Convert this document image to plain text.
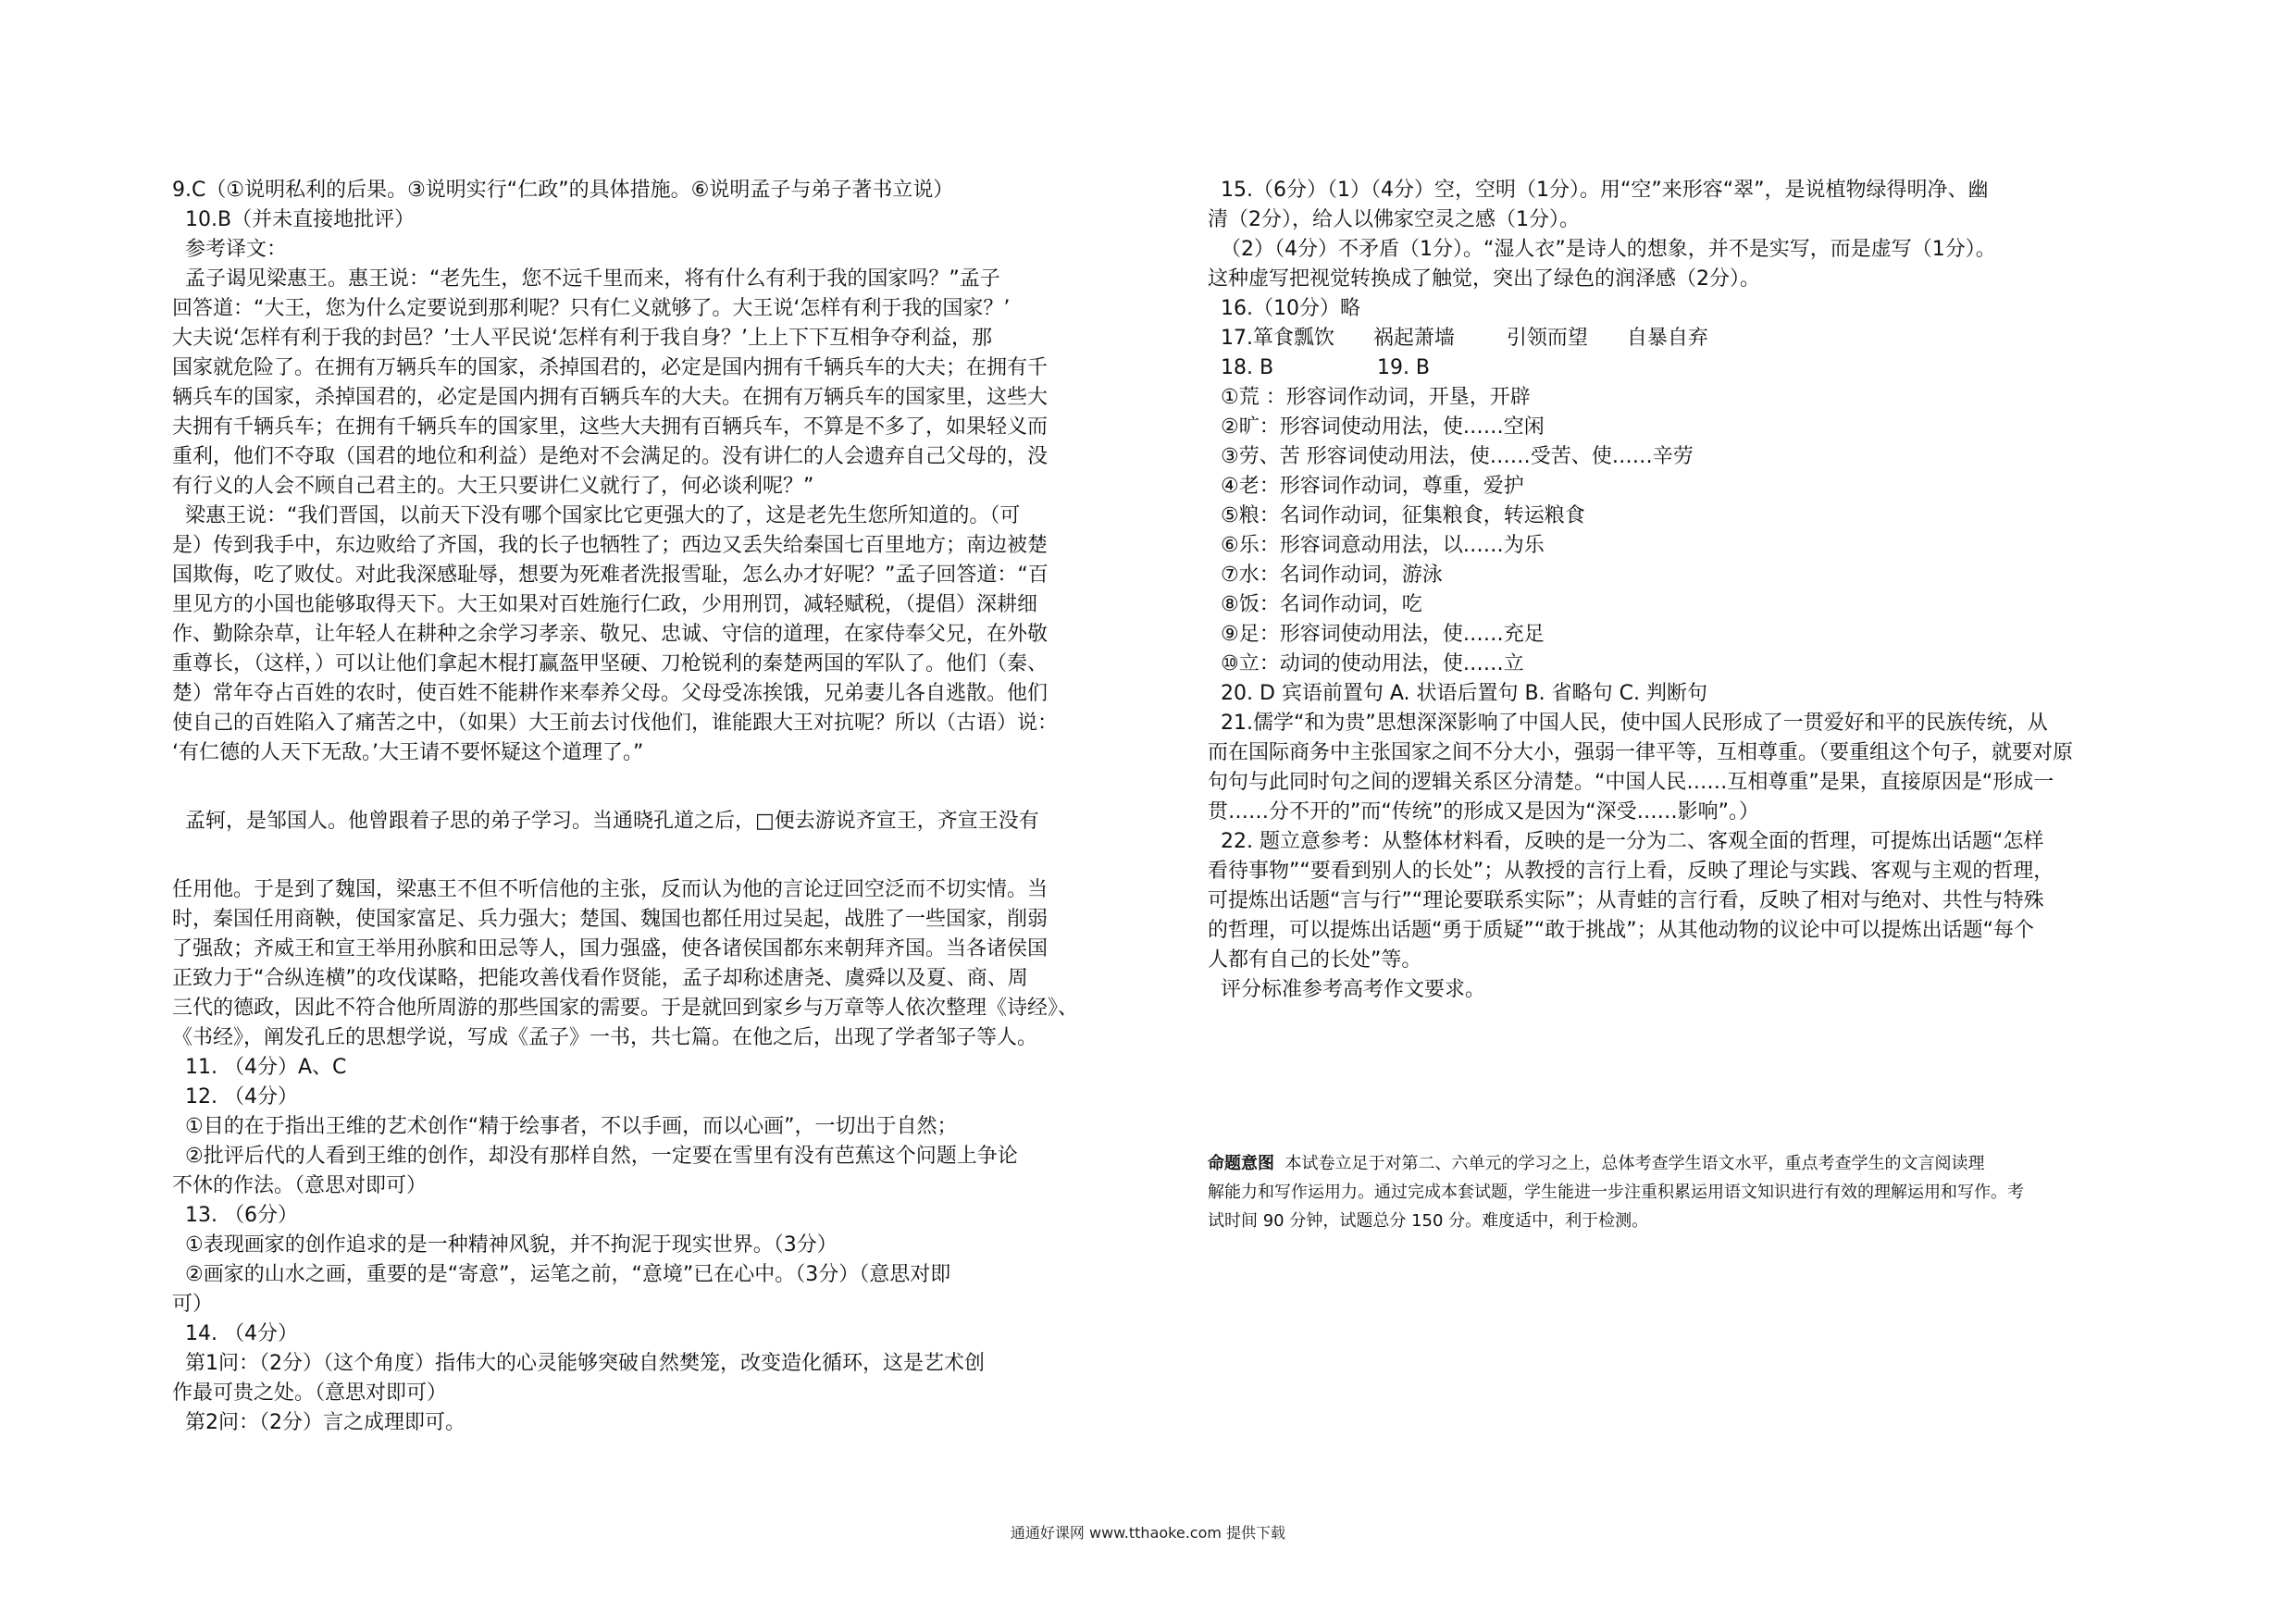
9.C（①说明私利的后果。③说明实行“仁政”的具体措施。⑥说明孟子与弟子著书立说）
10.B（并未直接地批评）
参考译文：
孟子谒见梁惠王。惠王说：“老先生，您不远千里而来，将有什么有利于我的国家吗？”孟子
回答道：“大王，您为什么定要说到那利呢？只有仁义就够了。大王说‘怎样有利于我的国家？’
大夫说‘怎样有利于我的封邑？’士人平民说‘怎样有利于我自身？’上上下下互相争夺利益，那
国家就危险了。在拥有万辆兵车的国家，杀掉国君的，必定是国内拥有千辆兵车的大夫；在拥有千
辆兵车的国家，杀掉国君的，必定是国内拥有百辆兵车的大夫。在拥有万辆兵车的国家里，这些大
夫拥有千辆兵车；在拥有千辆兵车的国家里，这些大夫拥有百辆兵车，不算是不多了，如果轻义而
重利，他们不夺取（国君的地位和利益）是绝对不会满足的。没有讲仁的人会遗弃自己父母的，没
有行义的人会不顾自己君主的。大王只要讲仁义就行了，何必谈利呢？”
梁惠王说：“我们晋国，以前天下没有哪个国家比它更强大的了，这是老先生您所知道的。（可
是）传到我手中，东边败给了齐国，我的长子也牺牲了；西边又丢失给秦国七百里地方；南边被楚
国欺侮，吃了败仗。对此我深感耻辱，想要为死难者洗报雪耻，怎么办才好呢？”孟子回答道：“百
里见方的小国也能够取得天下。大王如果对百姓施行仁政，少用刑罚，减轻赋税，（提倡）深耕细
作、勤除杂草，让年轻人在耕种之余学习孝亲、敬兄、忠诚、守信的道理，在家侍奉父兄，在外敬
重尊长，（这样，）可以让他们拿起木棍打赢盔甲坚硬、刀枪锐利的秦楚两国的军队了。他们（秦、
楚）常年夺占百姓的农时，使百姓不能耕作来奉养父母。父母受冻挨饿，兄弟妻儿各自逃散。他们
使自己的百姓陷入了痛苦之中，（如果）大王前去讨伐他们，谁能跟大王对抗呢？所以（古语）说：
‘有仁德的人天下无敌。’大王请不要怀疑这个道理了。”
孟轲，是邹国人。他曾跟着子思的弟子学习。当通晓孔道之后，□便去游说齐宣王，齐宣王没有
任用他。于是到了魏国，梁惠王不但不听信他的主张，反而认为他的言论迂回空泛而不切实情。当
时，秦国任用商鞅，使国家富足、兵力强大；楚国、魏国也都任用过吴起，战胜了一些国家，削弱
了强敌；齐威王和宣王举用孙膑和田忌等人，国力强盛，使各诸侯国都东来朝拜齐国。当各诸侯国
正致力于“合纵连横”的攻伐谋略，把能攻善伐看作贤能，孟子却称述唐尧、虞舜以及夏、商、周
三代的德政，因此不符合他所周游的那些国家的需要。于是就回到家乡与万章等人依次整理《诗经》、
《书经》，阐发孔丘的思想学说，写成《孟子》一书，共七篇。在他之后，出现了学者邹子等人。
11. （4分）A、C
12. （4分）
①目的在于指出王维的艺术创作“精于绘事者，不以手画，而以心画”，一切出于自然；
②批评后代的人看到王维的创作，却没有那样自然，一定要在雪里有没有芭蕉这个问题上争论
不休的作法。（意思对即可）
13. （6分）
①表现画家的创作追求的是一种精神风貌，并不拘泥于现实世界。（3分）
②画家的山水之画，重要的是“寄意”，运笔之前，“意境”已在心中。（3分）（意思对即
可）
14. （4分）
第1问：（2分）（这个角度）指伟大的心灵能够突破自然樊笼，改变造化循环，这是艺术创
作最可贵之处。（意思对即可）
第2问：（2分）言之成理即可。
15.（6分）（1）（4分）空，空明（1分）。用“空”来形容“翠”，是说植物绿得明净、幽
清（2分），给人以佛家空灵之感（1分）。
（2）（4分）不矛盾（1分）。“湿人衣”是诗人的想象，并不是实写，而是虚写（1分）。
这种虚写把视觉转换成了触觉，突出了绿色的润泽感（2分）。
16.（10分）略
17.箪食瓢饮      祸起萧墙        引领而望      自暴自弃
18. B                19. B
①荒 ：形容词作动词，开垦，开辟
②旷：形容词使动用法，使……空闲
③劳、苦 形容词使动用法，使……受苦、使……辛劳
④老：形容词作动词，尊重，爱护
⑤粮：名词作动词，征集粮食，转运粮食
⑥乐：形容词意动用法，以……为乐
⑦水：名词作动词，游泳
⑧饭：名词作动词，吃
⑨足：形容词使动用法，使……充足
⑩立：动词的使动用法，使……立
20. D 宾语前置句 A. 状语后置句 B. 省略句 C. 判断句
21.儒学“和为贵”思想深深影响了中国人民，使中国人民形成了一贯爱好和平的民族传统，从
而在国际商务中主张国家之间不分大小，强弱一律平等，互相尊重。（要重组这个句子，就要对原
句句与此同时句之间的逻辑关系区分清楚。“中国人民……互相尊重”是果，直接原因是“形成一
贯……分不开的”而“传统”的形成又是因为“深受……影响”。）
22. 题立意参考：从整体材料看，反映的是一分为二、客观全面的哲理，可提炼出话题“怎样
看待事物”“要看到别人的长处”；从教授的言行上看，反映了理论与实践、客观与主观的哲理，
可提炼出话题“言与行”“理论要联系实际”；从青蛙的言行看，反映了相对与绝对、共性与特殊
的哲理，可以提炼出话题“勇于质疑”“敢于挑战”；从其他动物的议论中可以提炼出话题“每个
人都有自己的长处”等。
评分标准参考高考作文要求。
命题意图 本试卷立足于对第二、六单元的学习之上，总体考查学生语文水平，重点考查学生的文言阅读理
解能力和写作运用力。通过完成本套试题，学生能进一步注重积累运用语文知识进行有效的理解运用和写作。考
试时间 90 分钟，试题总分 150 分。难度适中，利于检测。
通通好课网 www.tthaoke.com 提供下载
